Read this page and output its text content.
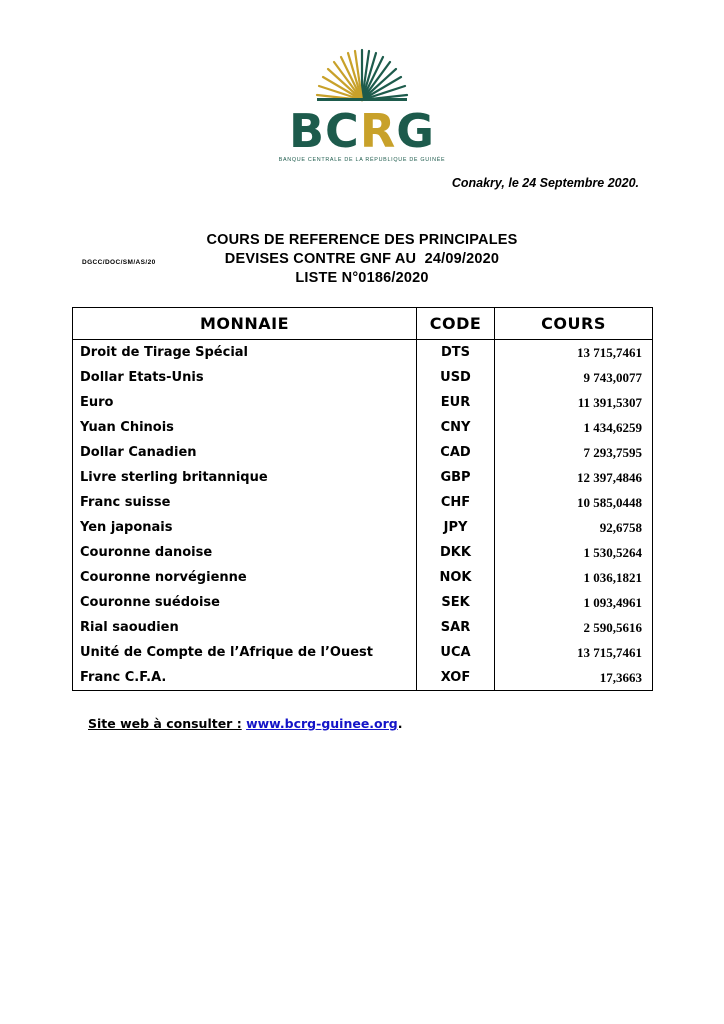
BCRG
BANQUE CENTRALE DE LA RÉPUBLIQUE DE GUINÉE
Conakry, le 24 Septembre 2020.
DGCC/DOC/SM/AS/20
COURS DE REFERENCE DES PRINCIPALES
DEVISES CONTRE GNF AU  24/09/2020
LISTE N°0186/2020
MONNAIE	CODE	COURS
Droit de Tirage Spécial	DTS	13 715,7461
Dollar Etats-Unis	USD	9 743,0077
Euro	EUR	11 391,5307
Yuan Chinois	CNY	1 434,6259
Dollar Canadien	CAD	7 293,7595
Livre sterling britannique	GBP	12 397,4846
Franc suisse	CHF	10 585,0448
Yen japonais	JPY	92,6758
Couronne danoise	DKK	1 530,5264
Couronne norvégienne	NOK	1 036,1821
Couronne suédoise	SEK	1 093,4961
Rial saoudien	SAR	2 590,5616
Unité de Compte de l’Afrique de l’Ouest	UCA	13 715,7461
Franc C.F.A.	XOF	17,3663
Site web à consulter : www.bcrg-guinee.org.
